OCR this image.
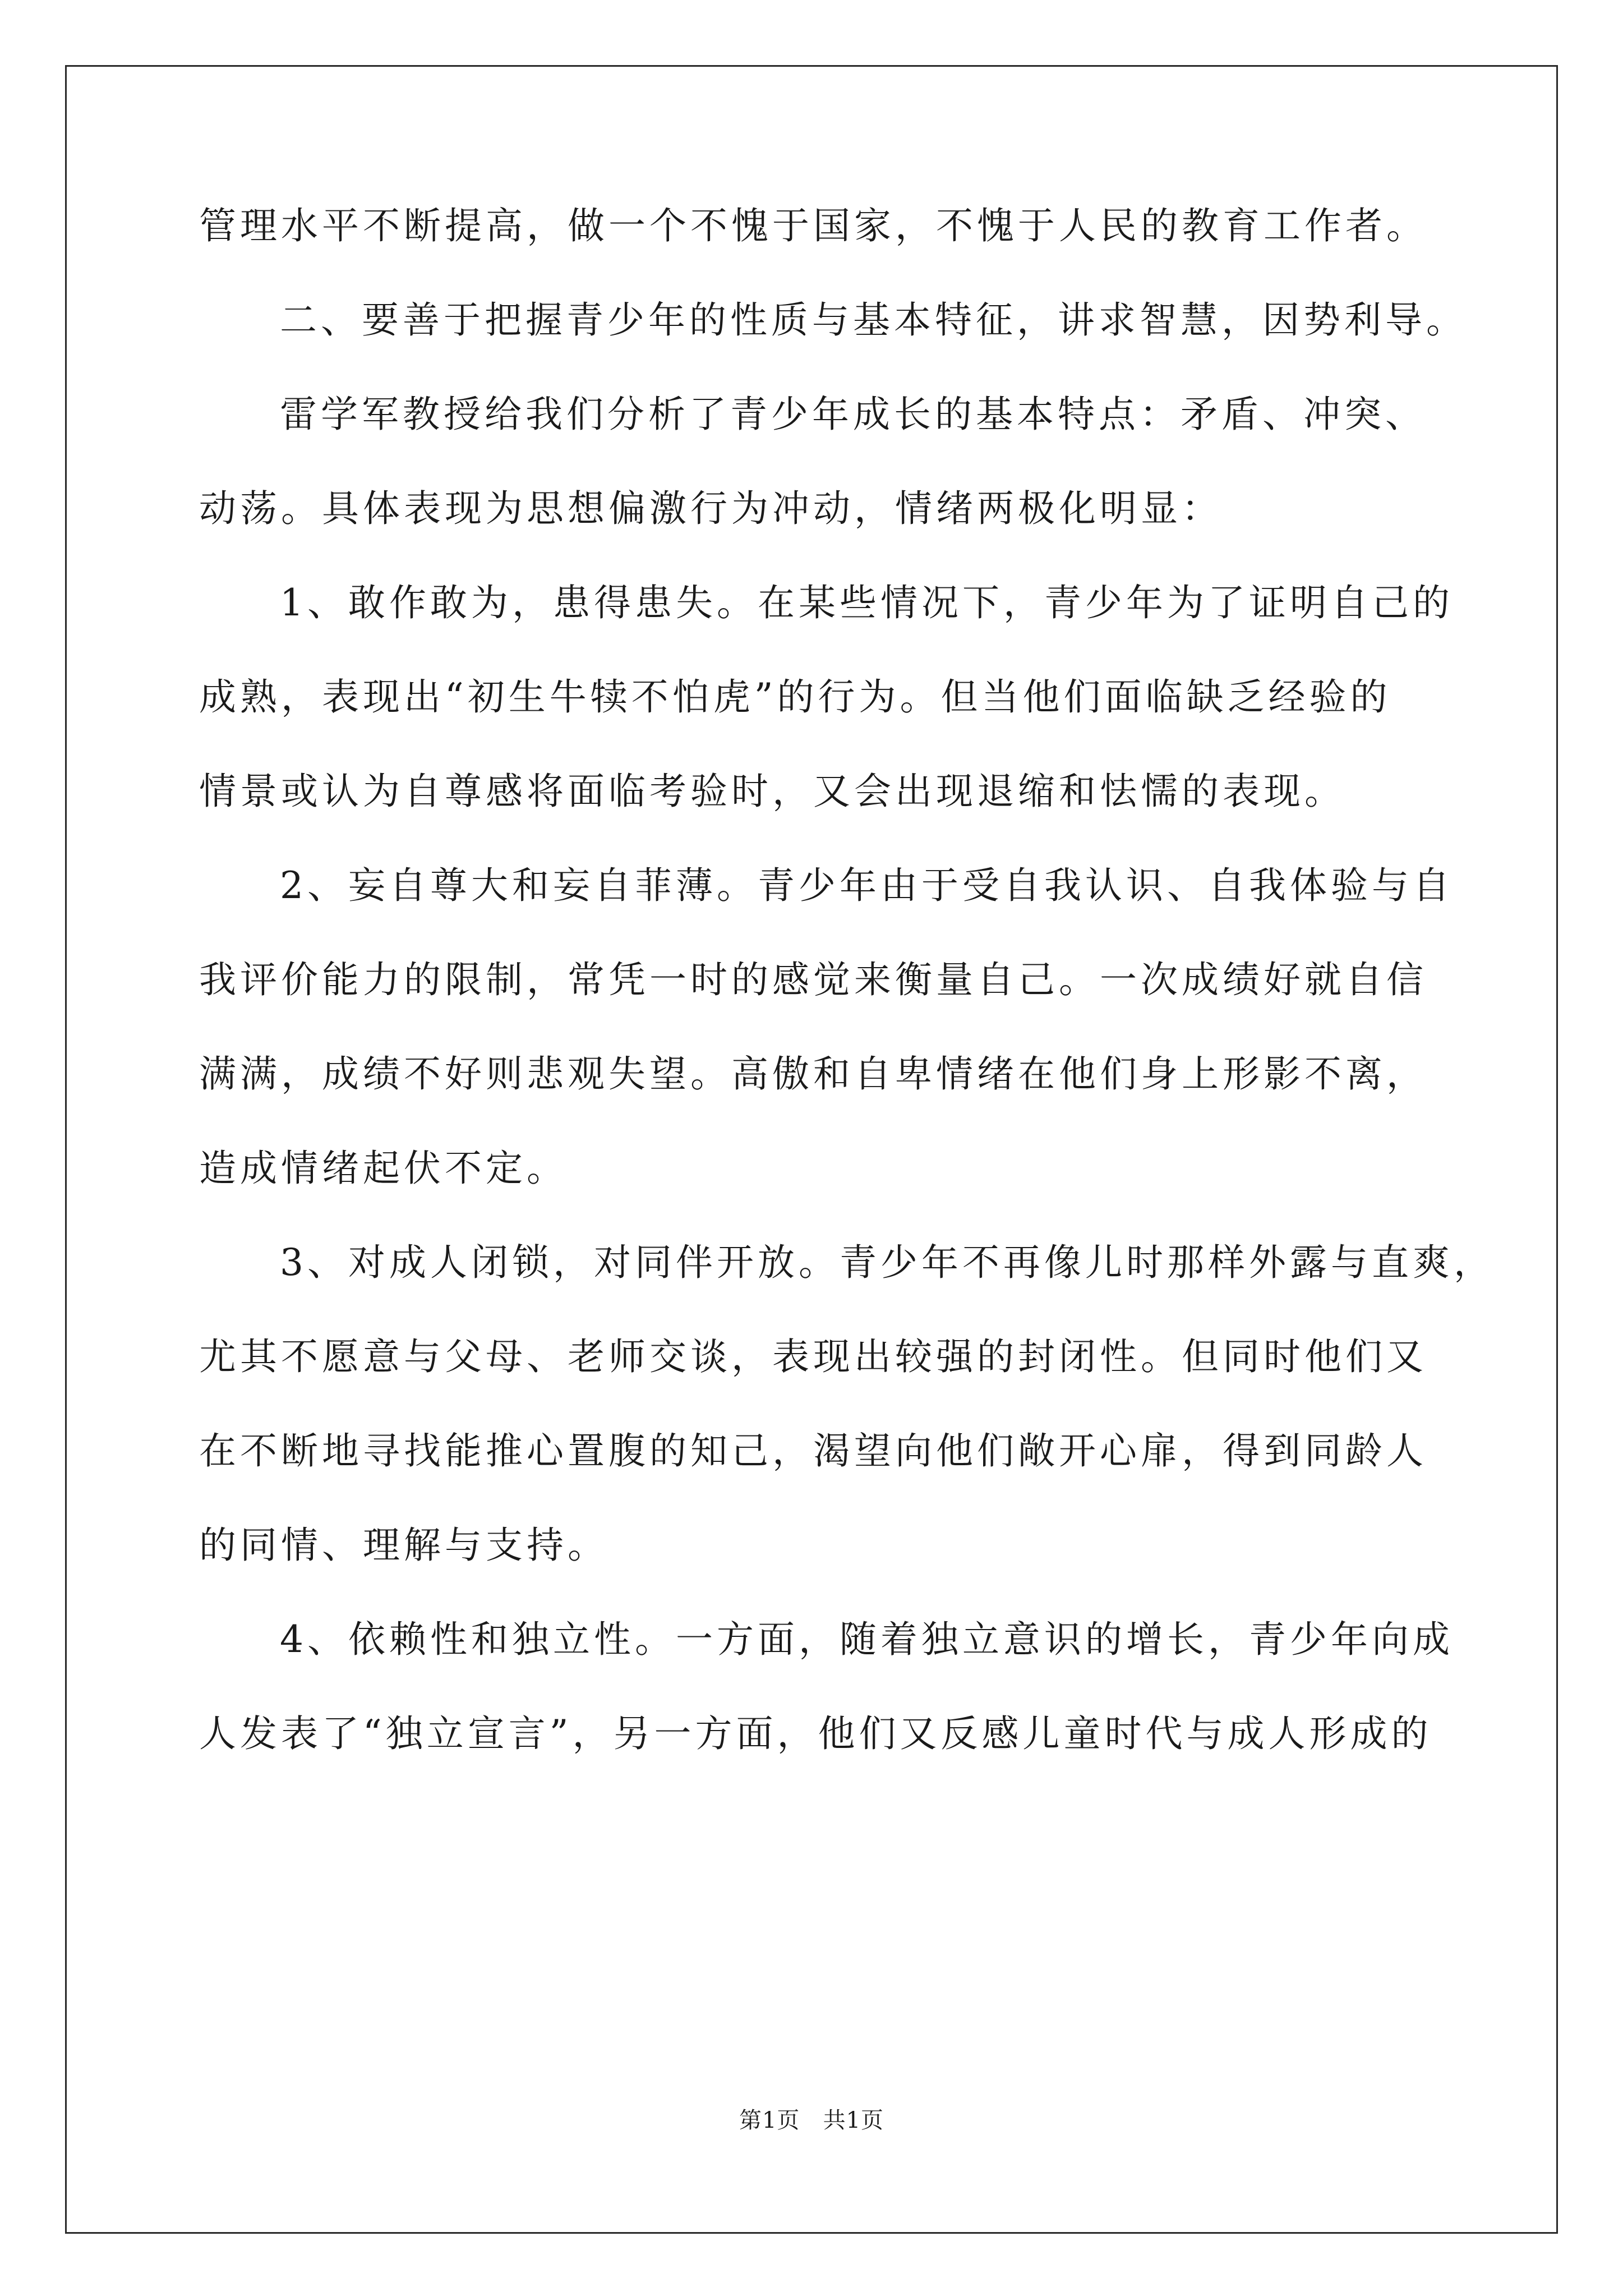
管理水平不断提高，做一个不愧于国家，不愧于人民的教育工作者。

二、要善于把握青少年的性质与基本特征，讲求智慧，因势利导。

雷学军教授给我们分析了青少年成长的基本特点：矛盾、冲突、

动荡。具体表现为思想偏激行为冲动，情绪两极化明显：

1、敢作敢为，患得患失。在某些情况下，青少年为了证明自己的

成熟，表现出“初生牛犊不怕虎”的行为。但当他们面临缺乏经验的

情景或认为自尊感将面临考验时，又会出现退缩和怯懦的表现。

2、妄自尊大和妄自菲薄。青少年由于受自我认识、自我体验与自

我评价能力的限制，常凭一时的感觉来衡量自己。一次成绩好就自信

满满，成绩不好则悲观失望。高傲和自卑情绪在他们身上形影不离，

造成情绪起伏不定。

3、对成人闭锁，对同伴开放。青少年不再像儿时那样外露与直爽，

尤其不愿意与父母、老师交谈，表现出较强的封闭性。但同时他们又

在不断地寻找能推心置腹的知己，渴望向他们敞开心扉，得到同龄人

的同情、理解与支持。

4、依赖性和独立性。一方面，随着独立意识的增长，青少年向成

人发表了“独立宣言”，另一方面，他们又反感儿童时代与成人形成的

第1页 共1页
